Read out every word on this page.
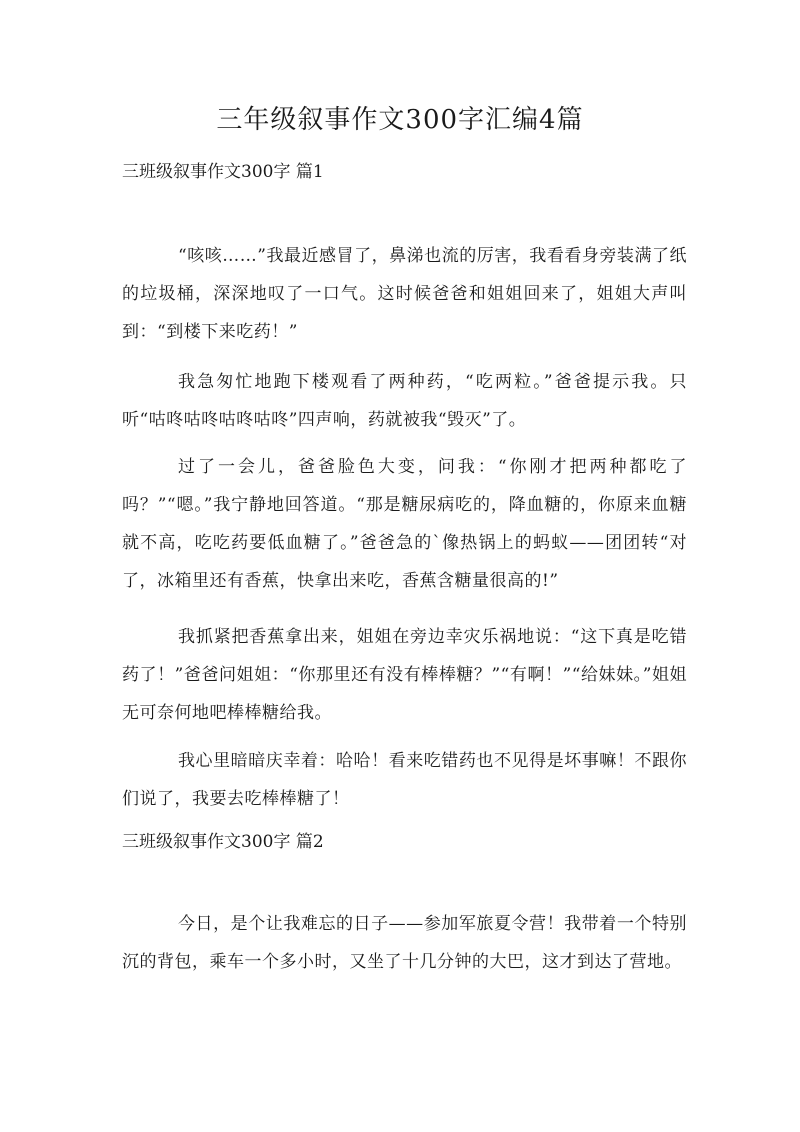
三年级叙事作文300字汇编4篇
三班级叙事作文300字 篇1

“咳咳……”我最近感冒了，鼻涕也流的厉害，我看看身旁装满了纸的垃圾桶，深深地叹了一口气。这时候爸爸和姐姐回来了，姐姐大声叫到：“到楼下来吃药！”

我急匆忙地跑下楼观看了两种药，“吃两粒。”爸爸提示我。只听“咕咚咕咚咕咚咕咚”四声响，药就被我“毁灭”了。

过了一会儿，爸爸脸色大变，问我：“你刚才把两种都吃了吗？”“嗯。”我宁静地回答道。“那是糖尿病吃的，降血糖的，你原来血糖就不高，吃吃药要低血糖了。”爸爸急的`像热锅上的蚂蚁——团团转“对了，冰箱里还有香蕉，快拿出来吃，香蕉含糖量很高的!”

我抓紧把香蕉拿出来，姐姐在旁边幸灾乐祸地说：“这下真是吃错药了！”爸爸问姐姐：“你那里还有没有棒棒糖？”“有啊！”“给妹妹。”姐姐无可奈何地吧棒棒糖给我。

我心里暗暗庆幸着：哈哈！看来吃错药也不见得是坏事嘛！不跟你们说了，我要去吃棒棒糖了！

三班级叙事作文300字 篇2

今日，是个让我难忘的日子——参加军旅夏令营！我带着一个特别沉的背包，乘车一个多小时，又坐了十几分钟的大巴，这才到达了营地。
